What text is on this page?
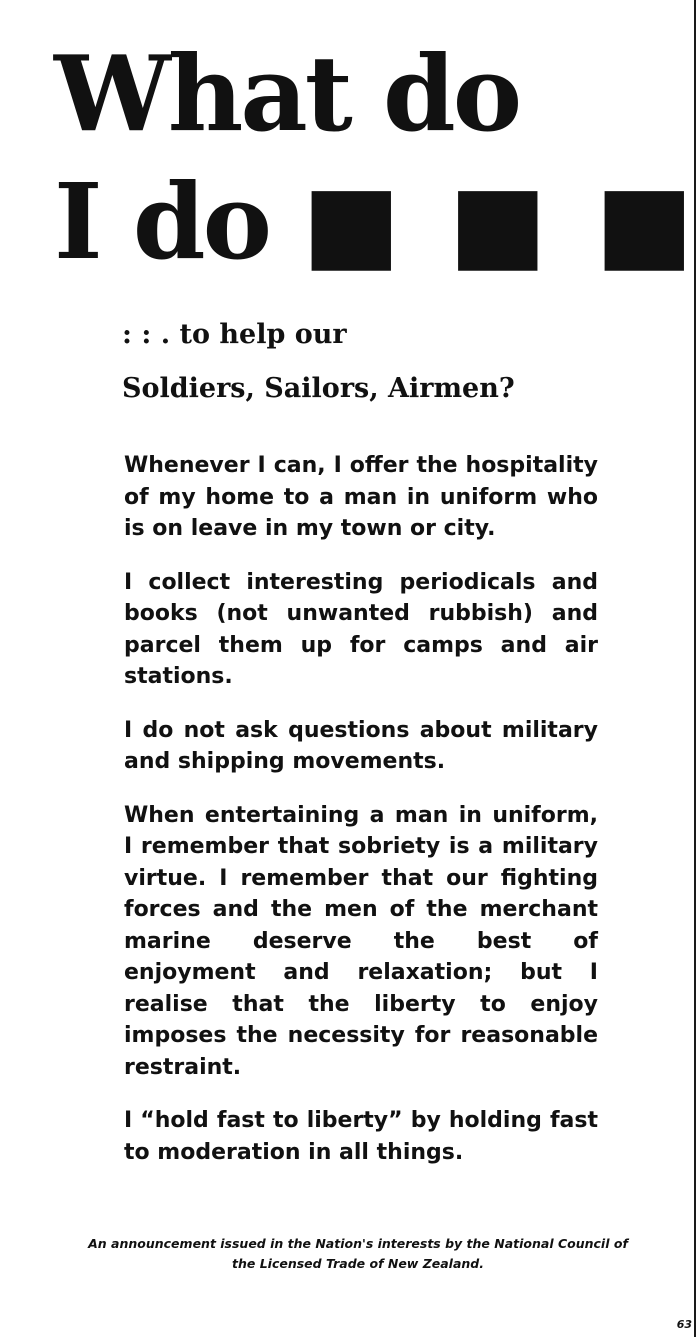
What do
I do ■ ■ ■
: : . to help our
Soldiers, Sailors, Airmen?

Whenever I can, I offer the hospitality of my home to a man in uniform who is on leave in my town or city.

I collect interesting periodicals and books (not unwanted rubbish) and parcel them up for camps and air stations.

I do not ask questions about military and shipping movements.

When entertaining a man in uniform, I remember that sobriety is a military virtue. I remember that our fighting forces and the men of the merchant marine deserve the best of enjoyment and relaxation; but I realise that the liberty to enjoy imposes the necessity for reasonable restraint.

I “hold fast to liberty” by holding fast to moderation in all things.

An announcement issued in the Nation's interests by the National Council of
the Licensed Trade of New Zealand.
63
